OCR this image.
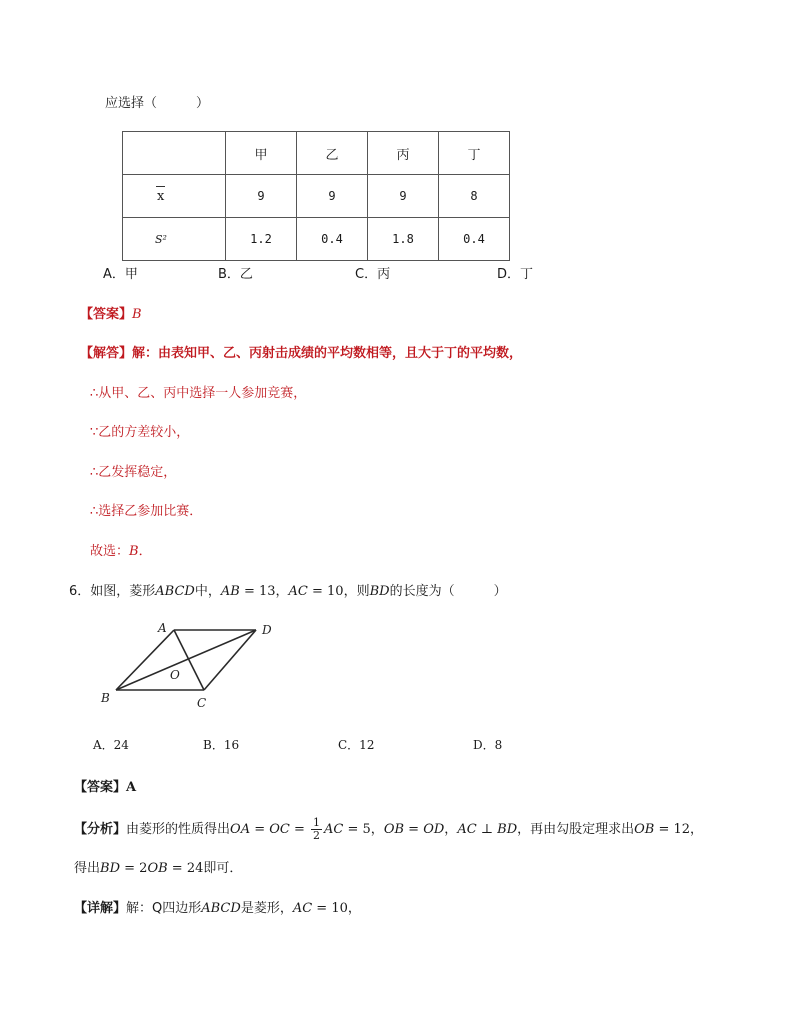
应选择（　　　）
	甲	乙	丙	丁
x	9	9	9	8
S²	1.2	0.4	1.8	0.4
A．甲	B．乙	C．丙	D．丁
【答案】B
【解答】解：由表知甲、乙、丙射击成绩的平均数相等，且大于丁的平均数，
∴从甲、乙、丙中选择一人参加竞赛，
∵乙的方差较小，
∴乙发挥稳定，
∴选择乙参加比赛．
故选：B．
6．如图，菱形ABCD中，AB = 13，AC = 10，则BD的长度为（　　　）
A	D
B	C
O
A．24	B．16	C．12	D．8
【答案】A
【分析】由菱形的性质得出OA = OC = $\frac{1}{2}$ AC = 5，OB = OD，AC ⊥ BD，再由勾股定理求出OB = 12，
得出BD = 2OB = 24即可．
【详解】解：Q四边形ABCD是菱形，AC = 10，
